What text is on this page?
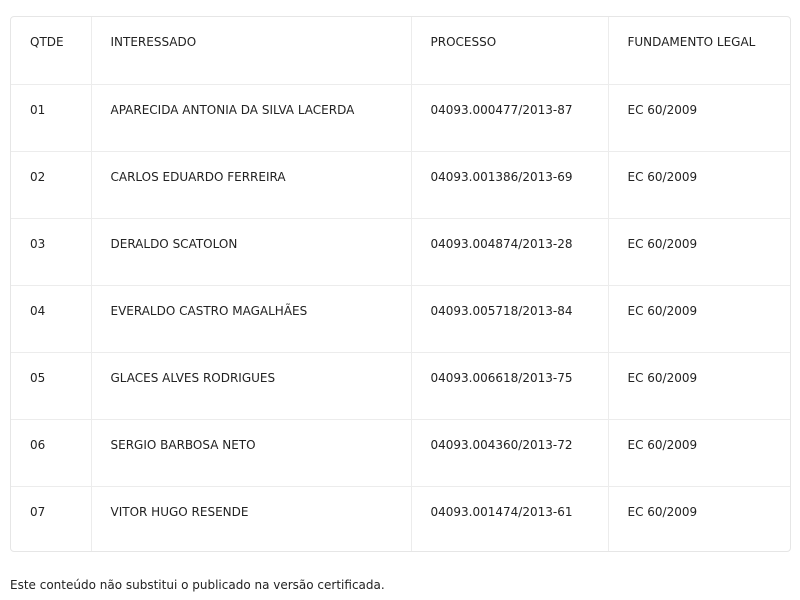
QTDE	INTERESSADO	PROCESSO	FUNDAMENTO LEGAL
01	APARECIDA ANTONIA DA SILVA LACERDA	04093.000477/2013-87	EC 60/2009
02	CARLOS EDUARDO FERREIRA	04093.001386/2013-69	EC 60/2009
03	DERALDO SCATOLON	04093.004874/2013-28	EC 60/2009
04	EVERALDO CASTRO MAGALHÃES	04093.005718/2013-84	EC 60/2009
05	GLACES ALVES RODRIGUES	04093.006618/2013-75	EC 60/2009
06	SERGIO BARBOSA NETO	04093.004360/2013-72	EC 60/2009
07	VITOR HUGO RESENDE	04093.001474/2013-61	EC 60/2009
Este conteúdo não substitui o publicado na versão certificada.
